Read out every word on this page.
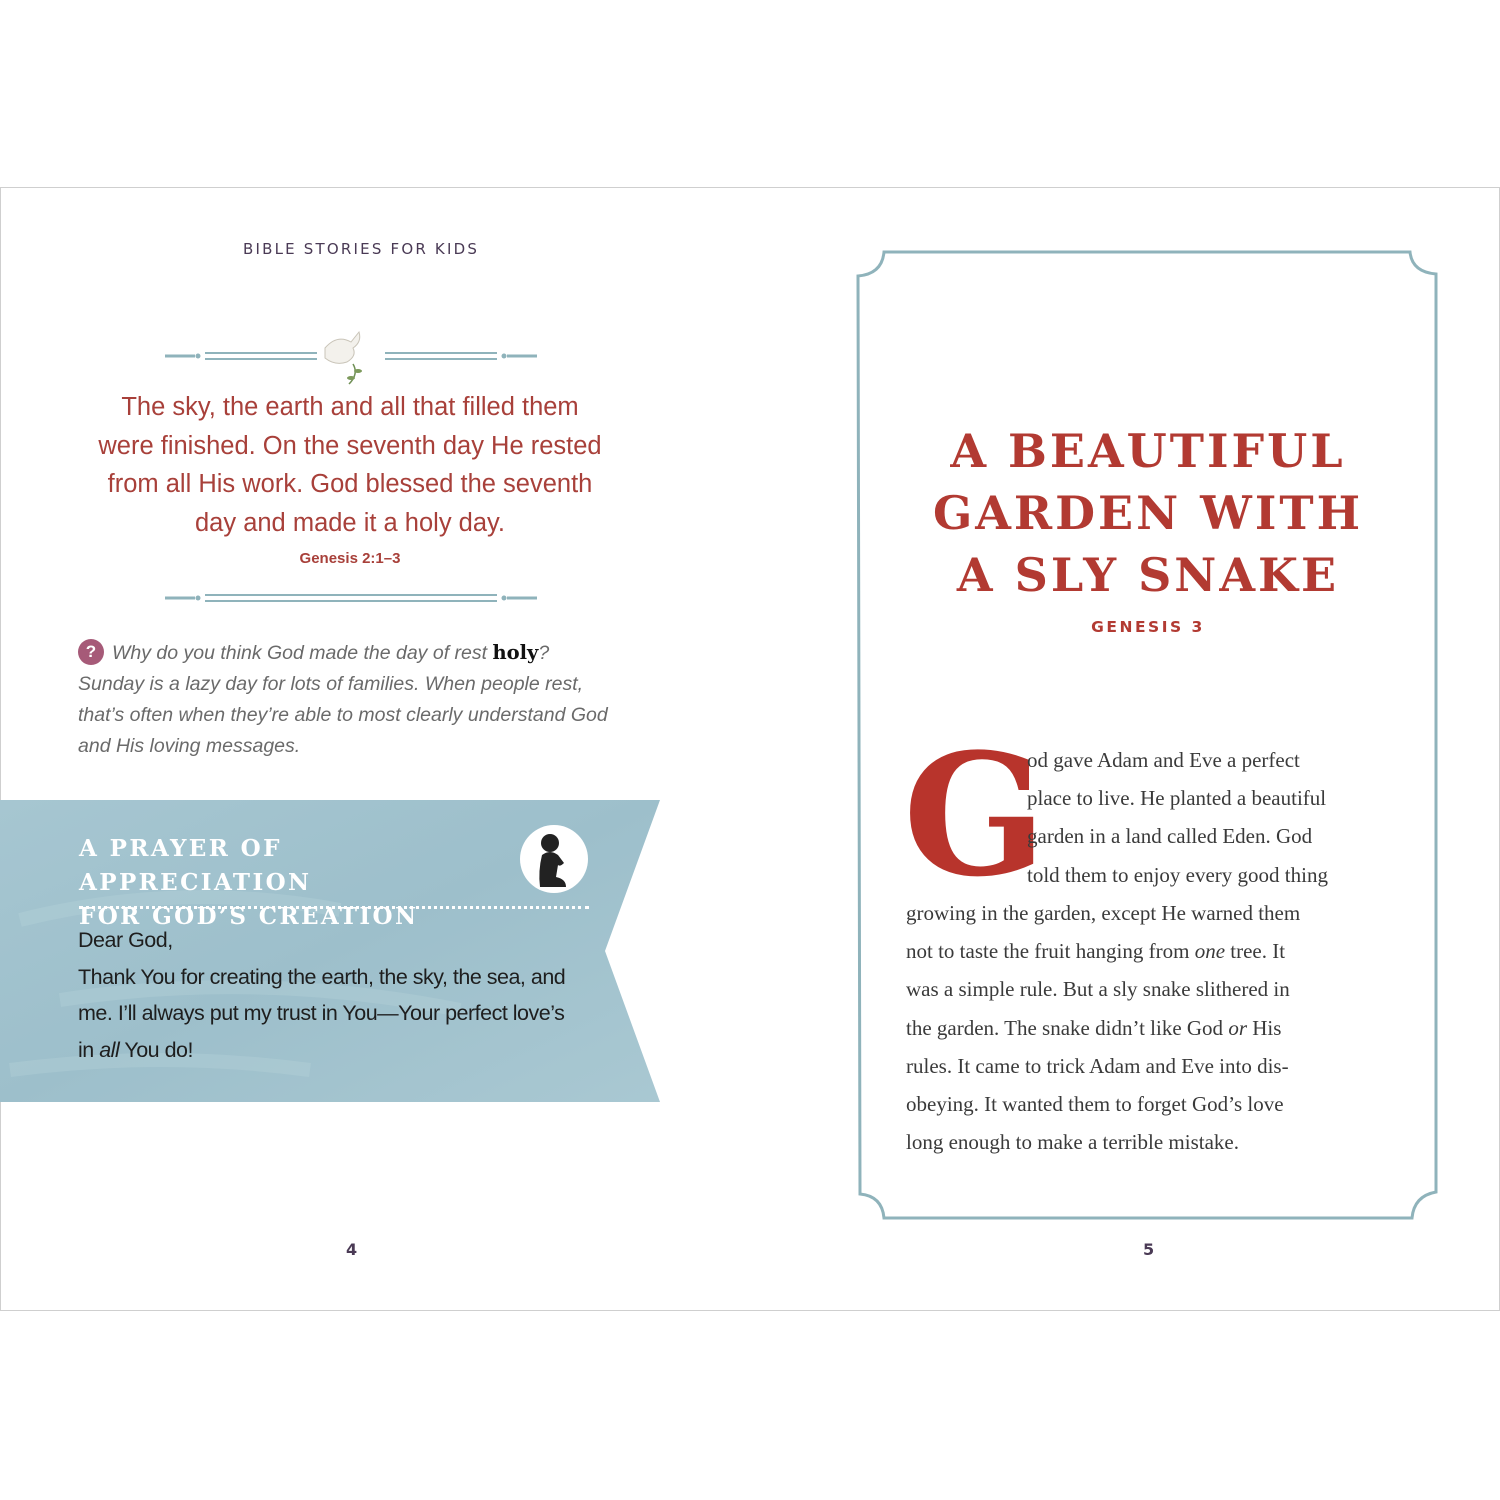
BIBLE STORIES FOR KIDS
The sky, the earth and all that filled them
were finished. On the seventh day He rested
from all His work. God blessed the seventh
day and made it a holy day.
Genesis 2:1–3
? Why do you think God made the day of rest holy? Sunday is a lazy day for lots of families. When people rest, that’s often when they’re able to most clearly understand God and His loving messages.
A PRAYER OF APPRECIATION
FOR GOD’S CREATION
Dear God,
Thank You for creating the earth, the sky, the sea, and
me. I’ll always put my trust in You—Your perfect love’s
in all You do!
4
A BEAUTIFUL
GARDEN WITH
A SLY SNAKE
GENESIS 3
G
od gave Adam and Eve a perfect
place to live. He planted a beautiful
garden in a land called Eden. God
told them to enjoy every good thing
growing in the garden, except He warned them
not to taste the fruit hanging from one tree. It
was a simple rule. But a sly snake slithered in
the garden. The snake didn’t like God or His
rules. It came to trick Adam and Eve into dis-
obeying. It wanted them to forget God’s love
long enough to make a terrible mistake.
5
